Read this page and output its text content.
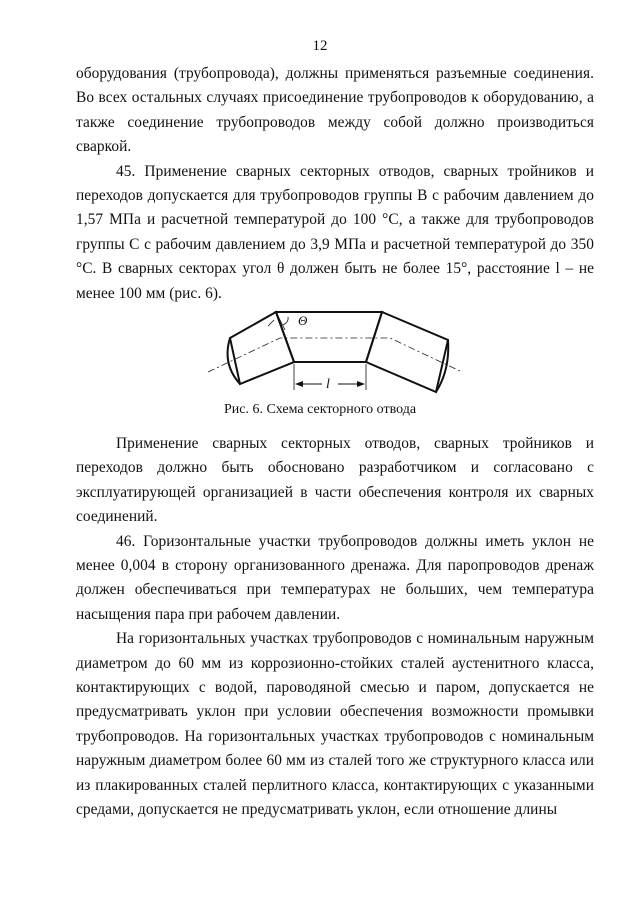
12

оборудования (трубопровода), должны применяться разъемные соединения. Во всех остальных случаях присоединение трубопроводов к оборудованию, а также соединение трубопроводов между собой должно производиться сваркой.

45. Применение сварных секторных отводов, сварных тройников и переходов допускается для трубопроводов группы B с рабочим давлением до 1,57 МПа и расчетной температурой до 100 °C, а также для трубопроводов группы C с рабочим давлением до 3,9 МПа и расчетной температурой до 350 °C. В сварных секторах угол θ должен быть не более 15°, расстояние l – не менее 100 мм (рис. 6).

Θ
l
Рис. 6. Схема секторного отвода

Применение сварных секторных отводов, сварных тройников и переходов должно быть обосновано разработчиком и согласовано с эксплуатирующей организацией в части обеспечения контроля их сварных соединений.

46. Горизонтальные участки трубопроводов должны иметь уклон не менее 0,004 в сторону организованного дренажа. Для паропроводов дренаж должен обеспечиваться при температурах не больших, чем температура насыщения пара при рабочем давлении.

На горизонтальных участках трубопроводов с номинальным наружным диаметром до 60 мм из коррозионно-стойких сталей аустенитного класса, контактирующих с водой, пароводяной смесью и паром, допускается не предусматривать уклон при условии обеспечения возможности промывки трубопроводов. На горизонтальных участках трубопроводов с номинальным наружным диаметром более 60 мм из сталей того же структурного класса или из плакированных сталей перлитного класса, контактирующих с указанными средами, допускается не предусматривать уклон, если отношение длины
